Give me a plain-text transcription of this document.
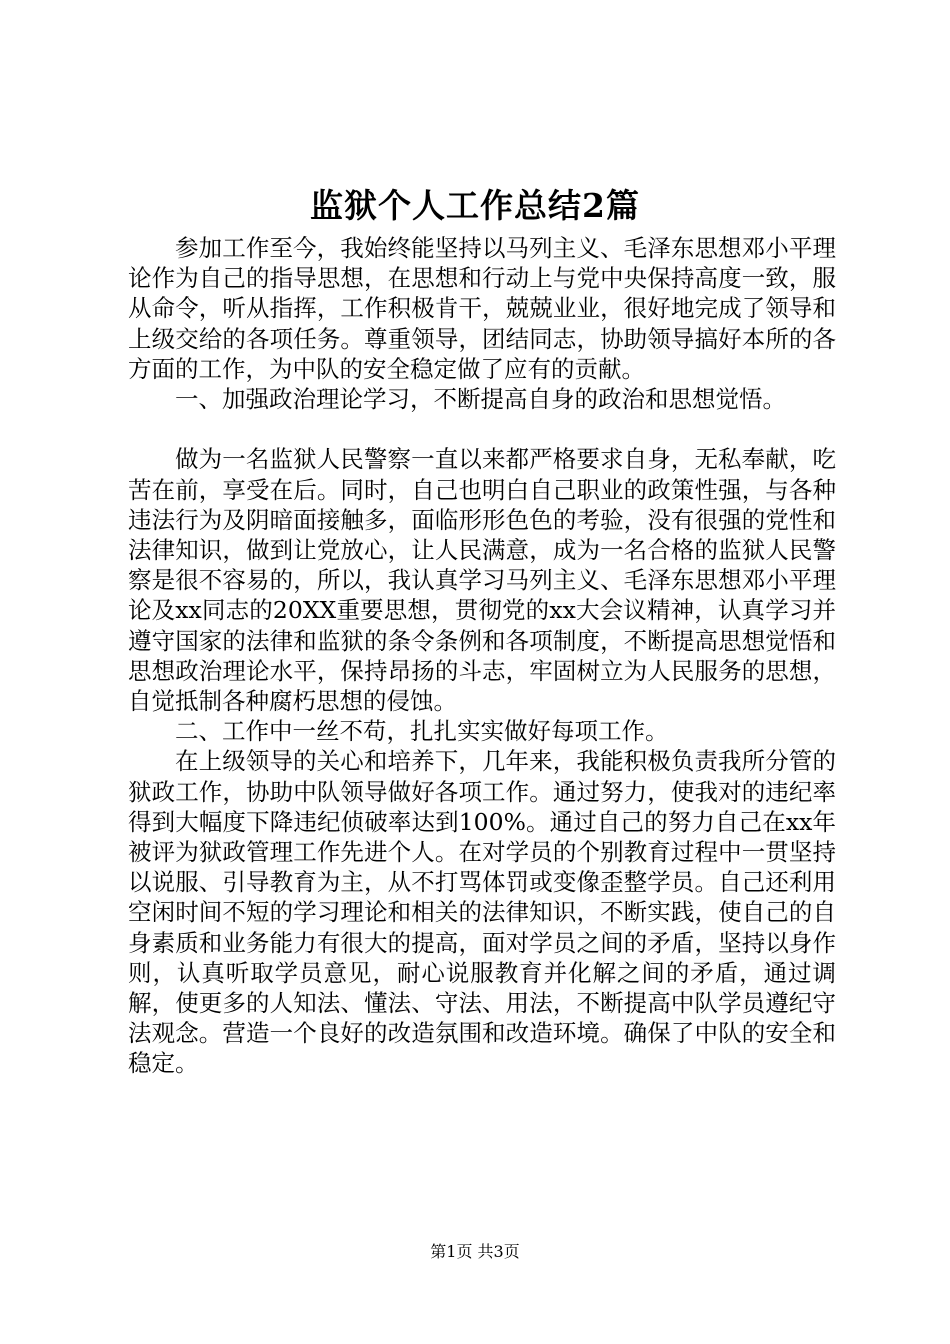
监狱个人工作总结2篇

参加工作至今，我始终能坚持以马列主义、毛泽东思想邓小平理论作为自己的指导思想，在思想和行动上与党中央保持高度一致，服从命令，听从指挥，工作积极肯干，兢兢业业，很好地完成了领导和上级交给的各项任务。尊重领导，团结同志，协助领导搞好本所的各方面的工作，为中队的安全稳定做了应有的贡献。

一、加强政治理论学习，不断提高自身的政治和思想觉悟。

做为一名监狱人民警察一直以来都严格要求自身，无私奉献，吃苦在前，享受在后。同时，自己也明白自己职业的政策性强，与各种违法行为及阴暗面接触多，面临形形色色的考验，没有很强的党性和法律知识，做到让党放心，让人民满意，成为一名合格的监狱人民警察是很不容易的，所以，我认真学习马列主义、毛泽东思想邓小平理论及xx同志的20XX重要思想，贯彻党的xx大会议精神，认真学习并遵守国家的法律和监狱的条令条例和各项制度，不断提高思想觉悟和思想政治理论水平，保持昂扬的斗志，牢固树立为人民服务的思想，自觉抵制各种腐朽思想的侵蚀。

二、工作中一丝不苟，扎扎实实做好每项工作。

在上级领导的关心和培养下，几年来，我能积极负责我所分管的狱政工作，协助中队领导做好各项工作。通过努力，使我对的违纪率得到大幅度下降违纪侦破率达到100%。通过自己的努力自己在xx年被评为狱政管理工作先进个人。在对学员的个别教育过程中一贯坚持以说服、引导教育为主，从不打骂体罚或变像歪整学员。自己还利用空闲时间不短的学习理论和相关的法律知识，不断实践，使自己的自身素质和业务能力有很大的提高，面对学员之间的矛盾，坚持以身作则，认真听取学员意见，耐心说服教育并化解之间的矛盾，通过调解，使更多的人知法、懂法、守法、用法，不断提高中队学员遵纪守法观念。营造一个良好的改造氛围和改造环境。确保了中队的安全和稳定。

第1页 共3页
